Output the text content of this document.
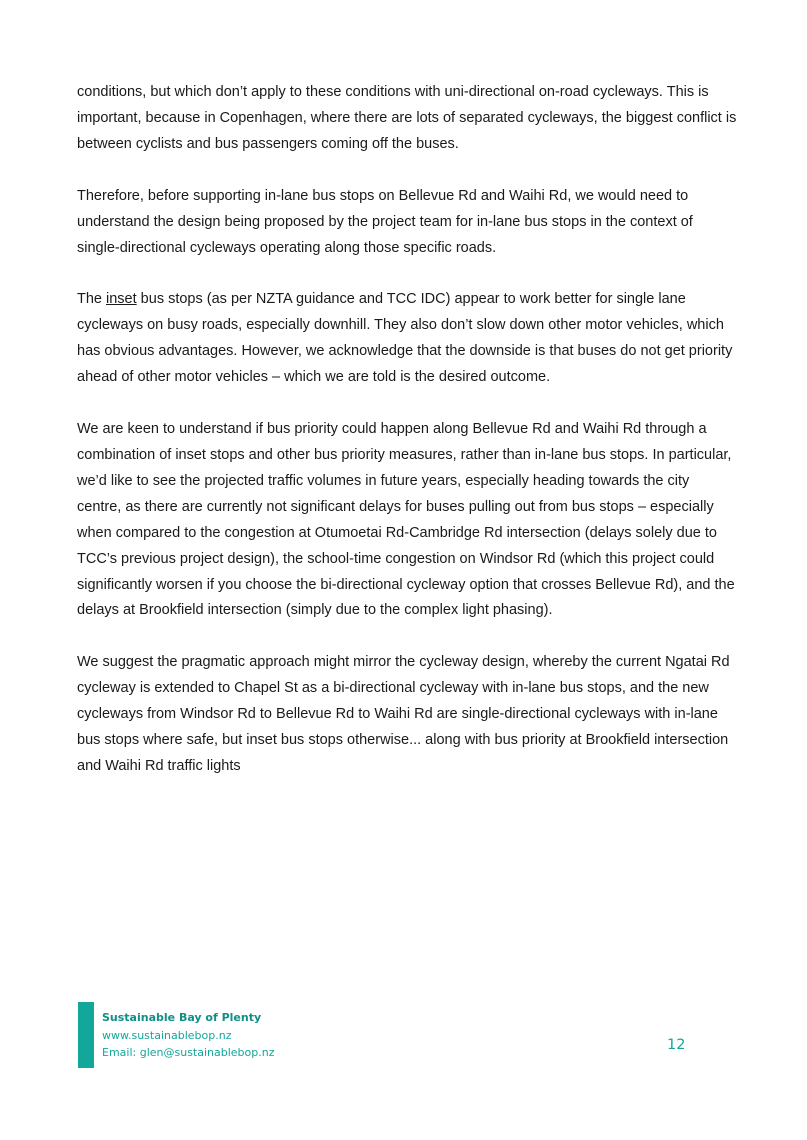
conditions, but which don’t apply to these conditions with uni-directional on-road cycleways. This is important, because in Copenhagen, where there are lots of separated cycleways, the biggest conflict is between cyclists and bus passengers coming off the buses.

Therefore, before supporting in-lane bus stops on Bellevue Rd and Waihi Rd, we would need to understand the design being proposed by the project team for in-lane bus stops in the context of single-directional cycleways operating along those specific roads.

The inset bus stops (as per NZTA guidance and TCC IDC) appear to work better for single lane cycleways on busy roads, especially downhill. They also don’t slow down other motor vehicles, which has obvious advantages. However, we acknowledge that the downside is that buses do not get priority ahead of other motor vehicles – which we are told is the desired outcome.

We are keen to understand if bus priority could happen along Bellevue Rd and Waihi Rd through a combination of inset stops and other bus priority measures, rather than in-lane bus stops. In particular, we’d like to see the projected traffic volumes in future years, especially heading towards the city centre, as there are currently not significant delays for buses pulling out from bus stops – especially when compared to the congestion at Otumoetai Rd-Cambridge Rd intersection (delays solely due to TCC’s previous project design), the school-time congestion on Windsor Rd (which this project could significantly worsen if you choose the bi-directional cycleway option that crosses Bellevue Rd), and the delays at Brookfield intersection (simply due to the complex light phasing).

We suggest the pragmatic approach might mirror the cycleway design, whereby the current Ngatai Rd cycleway is extended to Chapel St as a bi-directional cycleway with in-lane bus stops, and the new cycleways from Windsor Rd to Bellevue Rd to Waihi Rd are single-directional cycleways with in-lane bus stops where safe, but inset bus stops otherwise... along with bus priority at Brookfield intersection and Waihi Rd traffic lights

Sustainable Bay of Plenty
www.sustainablebop.nz
Email: glen@sustainablebop.nz	12
